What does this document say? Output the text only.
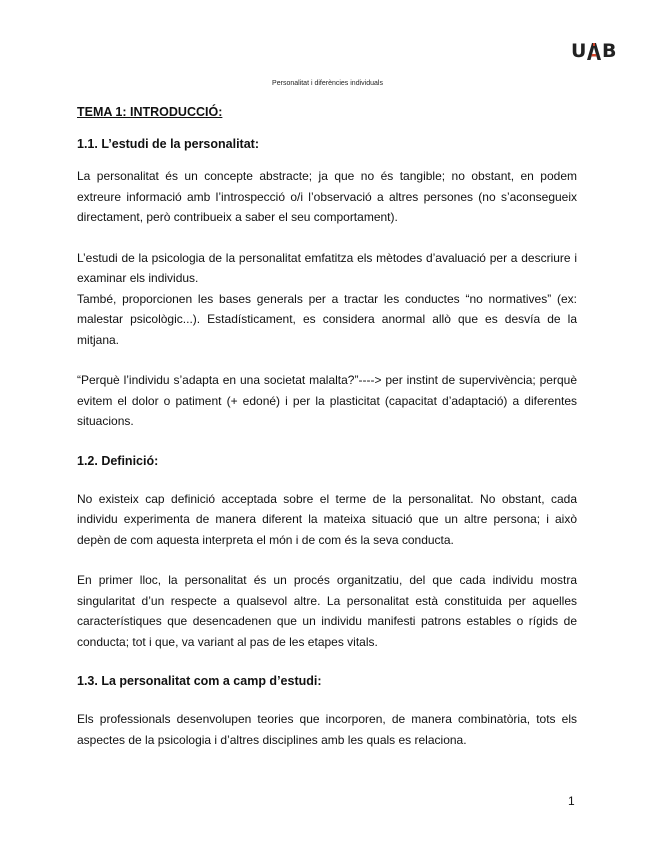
U B
Personalitat i diferències individuals

TEMA 1: INTRODUCCIÓ:

1.1. L’estudi de la personalitat:

La personalitat és un concepte abstracte; ja que no és tangible; no obstant, en podem extreure informació amb l’introspecció o/i l’observació a altres persones (no s’aconsegueix directament, però contribueix a saber el seu comportament).

L’estudi de la psicologia de la personalitat emfatitza els mètodes d’avaluació per a descriure i examinar els individus.

També, proporcionen les bases generals per a tractar les conductes “no normatives” (ex: malestar psicològic...). Estadísticament, es considera anormal allò que es desvía de la mitjana.

“Perquè l’individu s’adapta en una societat malalta?”----> per instint de supervivència; perquè evitem el dolor o patiment (+ edoné) i per la plasticitat (capacitat d’adaptació) a diferentes situacions.

1.2. Definició:

No existeix cap definició acceptada sobre el terme de la personalitat. No obstant, cada individu experimenta de manera diferent la mateixa situació que un altre persona; i això depèn de com aquesta interpreta el món i de com és la seva conducta.

En primer lloc, la personalitat és un procés organitzatiu, del que cada individu mostra singularitat d’un respecte a qualsevol altre. La personalitat està constituida per aquelles característiques que desencadenen que un individu manifesti patrons estables o rígids de conducta; tot i que, va variant al pas de les etapes vitals.

1.3. La personalitat com a camp d’estudi:

Els professionals desenvolupen teories que incorporen, de manera combinatòria, tots els aspectes de la psicologia i d’altres disciplines amb les quals es relaciona.

1
